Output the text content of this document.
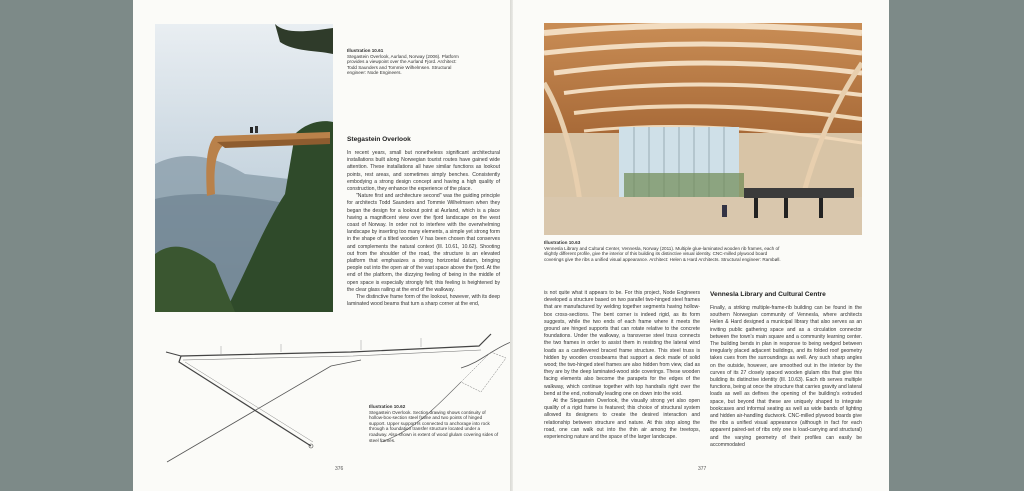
Illustration 10.61
Stegastein Overlook, Aurland, Norway (2006). Platform provides a viewpoint over the Aurland Fjord. Architect: Todd Saunders and Tommie Wilhelmsen. Structural engineer: Node Engineers.
Stegastein Overlook

In recent years, small but nonetheless significant architectural installations built along Norwegian tourist routes have gained wide attention. These installations all have similar functions as lookout points, rest areas, and sometimes simply benches. Consistently embodying a strong design concept and having a high quality of construction, they enhance the experience of the place.

"Nature first and architecture second" was the guiding principle for architects Todd Saunders and Tommie Wilhelmsen when they began the design for a lookout point at Aurland, which is a place having a magnificent view over the fjord landscape on the west coast of Norway. In order not to interfere with the overwhelming landscape by inserting too many elements, a simple yet strong form in the shape of a tilted wooden V has been chosen that conserves and complements the natural context (Ill. 10.61, 10.62). Shooting out from the shoulder of the road, the structure is an elevated platform that emphasizes a strong horizontal datum, bringing people out into the open air of the vast space above the fjord. At the end of the platform, the dizzying feeling of being in the middle of open space is especially strongly felt; this feeling is heightened by the clear glass railing at the end of the walkway.

The distinctive frame form of the lookout, however, with its deep laminated wood beams that turn a sharp corner at the end,

Illustration 10.62
Stegastein Overlook. Section drawing shows continuity of hollow-box-section steel frame and two points of hinged support. Upper support is connected to anchorage into rock through a foundation transfer structure located under a roadway. Also shown is extent of wood glulam covering sides of steel frames.
376
Illustration 10.63
Vennesla Library and Cultural Center, Vennesla, Norway (2011). Multiple glue-laminated wooden rib frames, each of slightly different profile, give the interior of this building its distinctive visual identity. CNC-milled plywood board coverings give the ribs a unified visual appearance. Architect: Helen & Hard Architects. Structural engineer: Rambøll.

is not quite what it appears to be. For this project, Node Engineers developed a structure based on two parallel two-hinged steel frames that are manufactured by welding together segments having hollow-box cross-sections. The bent corner is indeed rigid, as its form suggests, while the two ends of each frame where it meets the ground are hinged supports that can rotate relative to the concrete foundations. Under the walkway, a transverse steel truss connects the two frames in order to assist them in resisting the lateral wind loads as a cantilevered braced frame structure. This steel truss is hidden by wooden crossbeams that support a deck made of solid wood; the two-hinged steel frames are also hidden from view, clad as they are by the deep laminated-wood side coverings. These wooden facing elements also become the parapets for the edges of the walkway, which continue together with top handrails right over the bend at the end, notionally leading one on down into the void.

At the Stegastein Overlook, the visually strong yet also open quality of a rigid frame is featured; this choice of structural system allowed its designers to create the desired interaction and relationship between structure and nature. At this stop along the road, one can walk out into the thin air among the treetops, experiencing nature and the space of the larger landscape.

Vennesla Library and Cultural Centre

Finally, a striking multiple-frame-rib building can be found in the southern Norwegian community of Vennesla, where architects Helen & Hard designed a municipal library that also serves as an inviting public gathering space and as a circulation connector between the town's main square and a community learning center. The building bends in plan in response to being wedged between irregularly placed adjacent buildings, and its folded roof geometry takes cues from the surroundings as well. Any such sharp angles on the outside, however, are smoothed out in the interior by the curves of its 27 closely spaced wooden glulam ribs that give this building its distinctive identity (Ill. 10.63). Each rib serves multiple functions, being at once the structure that carries gravity and lateral loads as well as defines the opening of the building's extruded space, but beyond that these are uniquely shaped to integrate bookcases and informal seating as well as wide bands of lighting and hidden air-handling ductwork. CNC-milled plywood boards give the ribs a unified visual appearance (although in fact for each apparent paired-set of ribs only one is load-carrying and structural) and the varying geometry of their profiles can easily be accommodated

377
